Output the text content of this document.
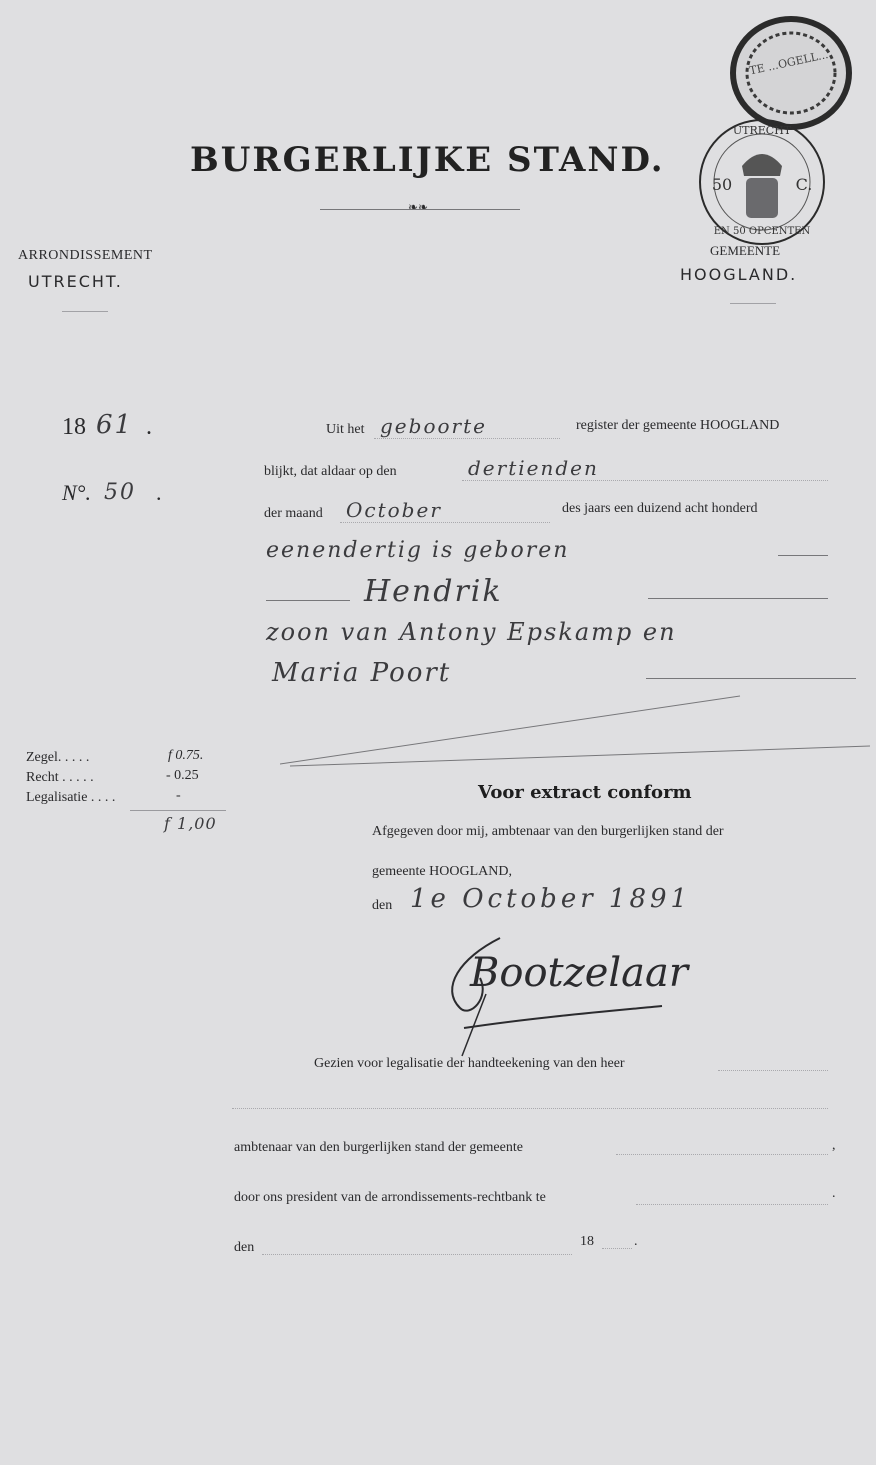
BURGERLIJKE STAND.
❧❧
TE ...OGELL...
UTRECHT
50	C.
EN 50 OPCENTEN
ARRONDISSEMENT
UTRECHT.
GEMEENTE
HOOGLAND.
18 61 .
N°. 50 .
Uit het geboorte	register der gemeente HOOGLAND
blijkt, dat aldaar op den	dertienden
der maand October	des jaars een duizend acht honderd
eenendertig is geboren
Hendrik
zoon van Antony Epskamp en
Maria Poort
Zegel. . . . .	f 0.75.
Recht . . . . .	- 0.25
Legalisatie . . . .	-
f 1,00
Voor extract conform
Afgegeven door mij, ambtenaar van den burgerlijken stand der
gemeente HOOGLAND,
den 1e October 1891
Bootzelaar
Gezien voor legalisatie der handteekening van den heer
ambtenaar van den burgerlijken stand der gemeente	,
door ons president van de arrondissements-rechtbank te	.
den	18	.
